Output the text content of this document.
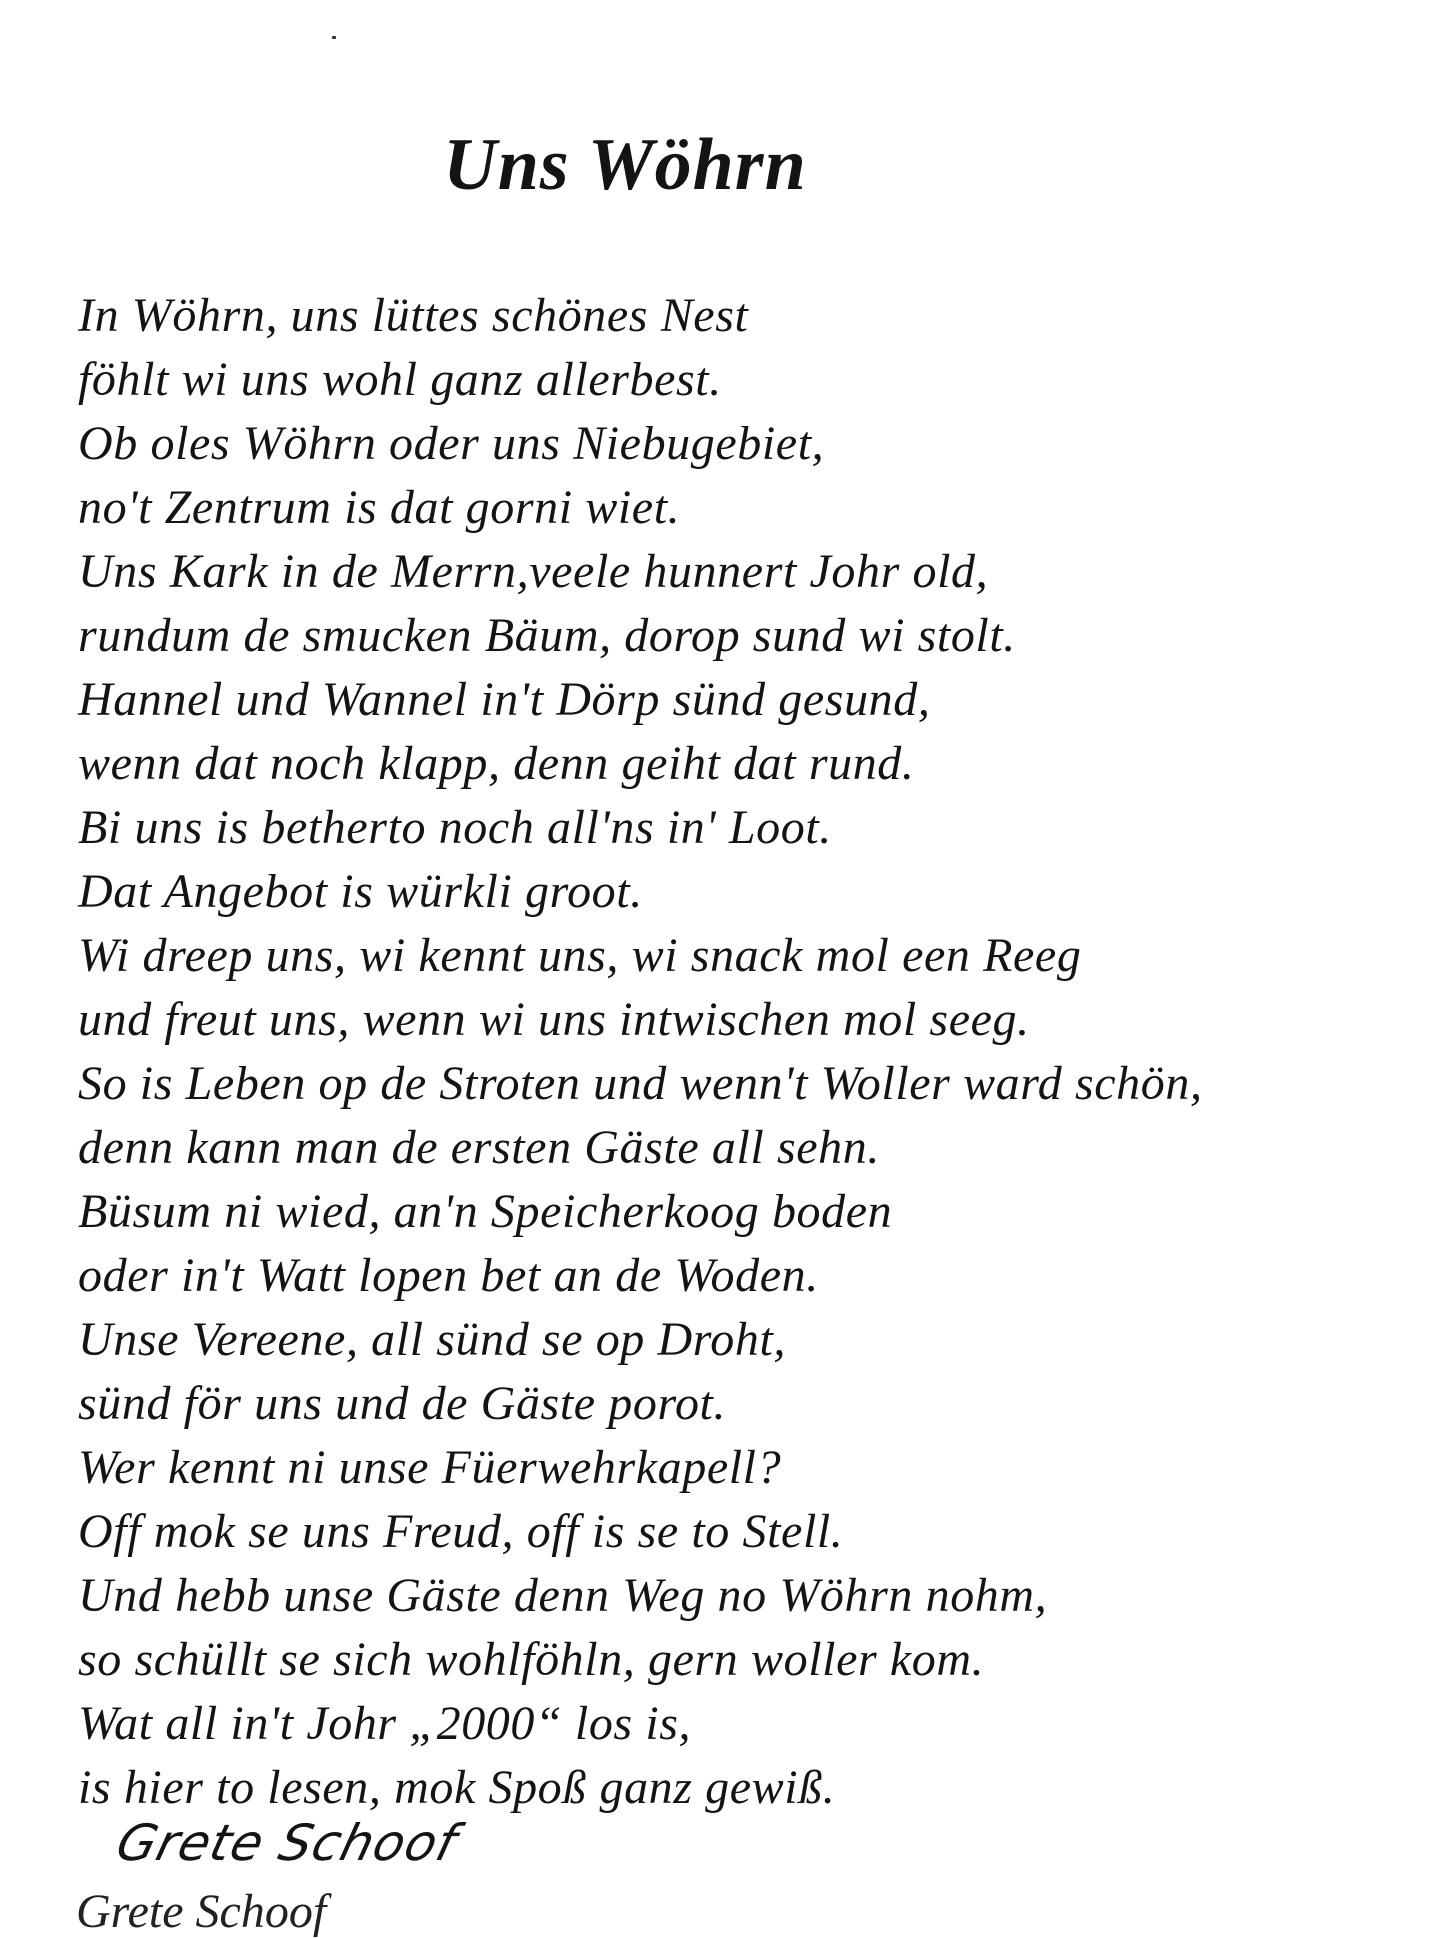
Uns Wöhrn
In Wöhrn, uns lüttes schönes Nest
föhlt wi uns wohl ganz allerbest.
Ob oles Wöhrn oder uns Niebugebiet,
no't Zentrum is dat gorni wiet.
Uns Kark in de Merrn,veele hunnert Johr old,
rundum de smucken Bäum, dorop sund wi stolt.
Hannel und Wannel in't Dörp sünd gesund,
wenn dat noch klapp, denn geiht dat rund.
Bi uns is betherto noch all'ns in' Loot.
Dat Angebot is würkli groot.
Wi dreep uns, wi kennt uns, wi snack mol een Reeg
und freut uns, wenn wi uns intwischen mol seeg.
So is Leben op de Stroten und wenn't Woller ward schön,
denn kann man de ersten Gäste all sehn.
Büsum ni wied, an'n Speicherkoog boden
oder in't Watt lopen bet an de Woden.
Unse Vereene, all sünd se op Droht,
sünd för uns und de Gäste porot.
Wer kennt ni unse Füerwehrkapell?
Off mok se uns Freud, off is se to Stell.
Und hebb unse Gäste denn Weg no Wöhrn nohm,
so schüllt se sich wohlföhln, gern woller kom.
Wat all in't Johr „2000“ los is,
is hier to lesen, mok Spoß ganz gewiß.
Grete Schoof
Grete Schoof
